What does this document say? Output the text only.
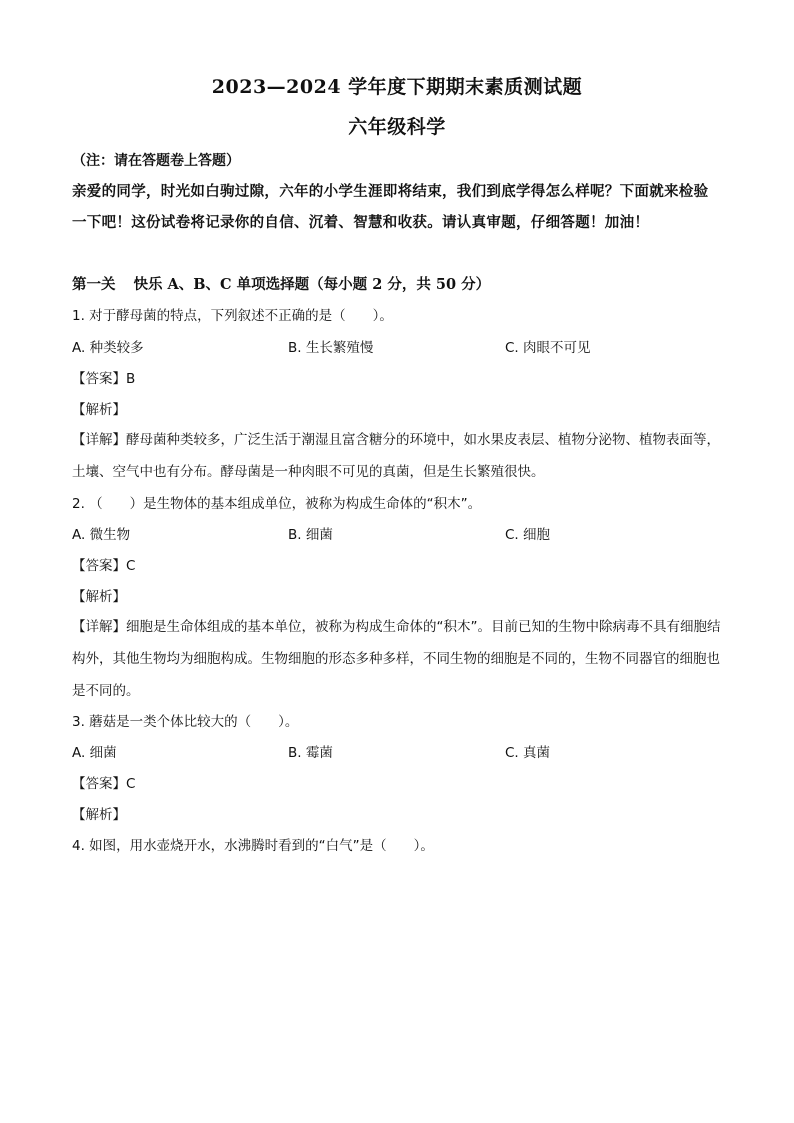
2023—2024 学年度下期期末素质测试题
六年级科学
（注：请在答题卷上答题）
亲爱的同学，时光如白驹过隙，六年的小学生涯即将结束，我们到底学得怎么样呢？下面就来检验一下吧！这份试卷将记录你的自信、沉着、智慧和收获。请认真审题，仔细答题！加油！
第一关 快乐 A、B、C 单项选择题（每小题 2 分，共 50 分）
1. 对于酵母菌的特点，下列叙述不正确的是（　　）。
A. 种类较多	B. 生长繁殖慢	C. 肉眼不可见
【答案】B
【解析】
【详解】酵母菌种类较多，广泛生活于潮湿且富含糖分的环境中，如水果皮表层、植物分泌物、植物表面等，土壤、空气中也有分布。酵母菌是一种肉眼不可见的真菌，但是生长繁殖很快。
2. （　　）是生物体的基本组成单位，被称为构成生命体的“积木”。
A. 微生物	B. 细菌	C. 细胞
【答案】C
【解析】
【详解】细胞是生命体组成的基本单位，被称为构成生命体的“积木”。目前已知的生物中除病毒不具有细胞结构外，其他生物均为细胞构成。生物细胞的形态多种多样，不同生物的细胞是不同的，生物不同器官的细胞也是不同的。
3. 蘑菇是一类个体比较大的（　　）。
A. 细菌	B. 霉菌	C. 真菌
【答案】C
【解析】
4. 如图，用水壶烧开水，水沸腾时看到的“白气”是（　　）。
